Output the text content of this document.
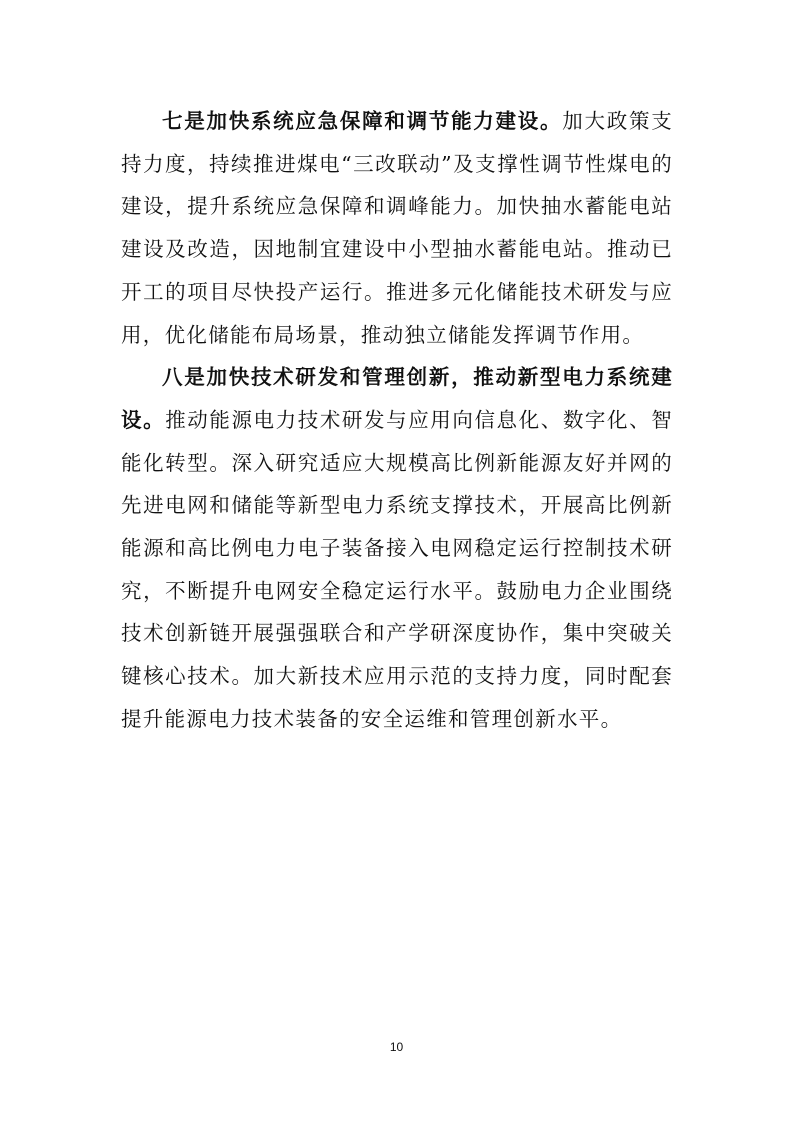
七是加快系统应急保障和调节能力建设。加大政策支持力度，持续推进煤电“三改联动”及支撑性调节性煤电的建设，提升系统应急保障和调峰能力。加快抽水蓄能电站建设及改造，因地制宜建设中小型抽水蓄能电站。推动已开工的项目尽快投产运行。推进多元化储能技术研发与应用，优化储能布局场景，推动独立储能发挥调节作用。

八是加快技术研发和管理创新，推动新型电力系统建设。推动能源电力技术研发与应用向信息化、数字化、智能化转型。深入研究适应大规模高比例新能源友好并网的先进电网和储能等新型电力系统支撑技术，开展高比例新能源和高比例电力电子装备接入电网稳定运行控制技术研究，不断提升电网安全稳定运行水平。鼓励电力企业围绕技术创新链开展强强联合和产学研深度协作，集中突破关键核心技术。加大新技术应用示范的支持力度，同时配套提升能源电力技术装备的安全运维和管理创新水平。

10
